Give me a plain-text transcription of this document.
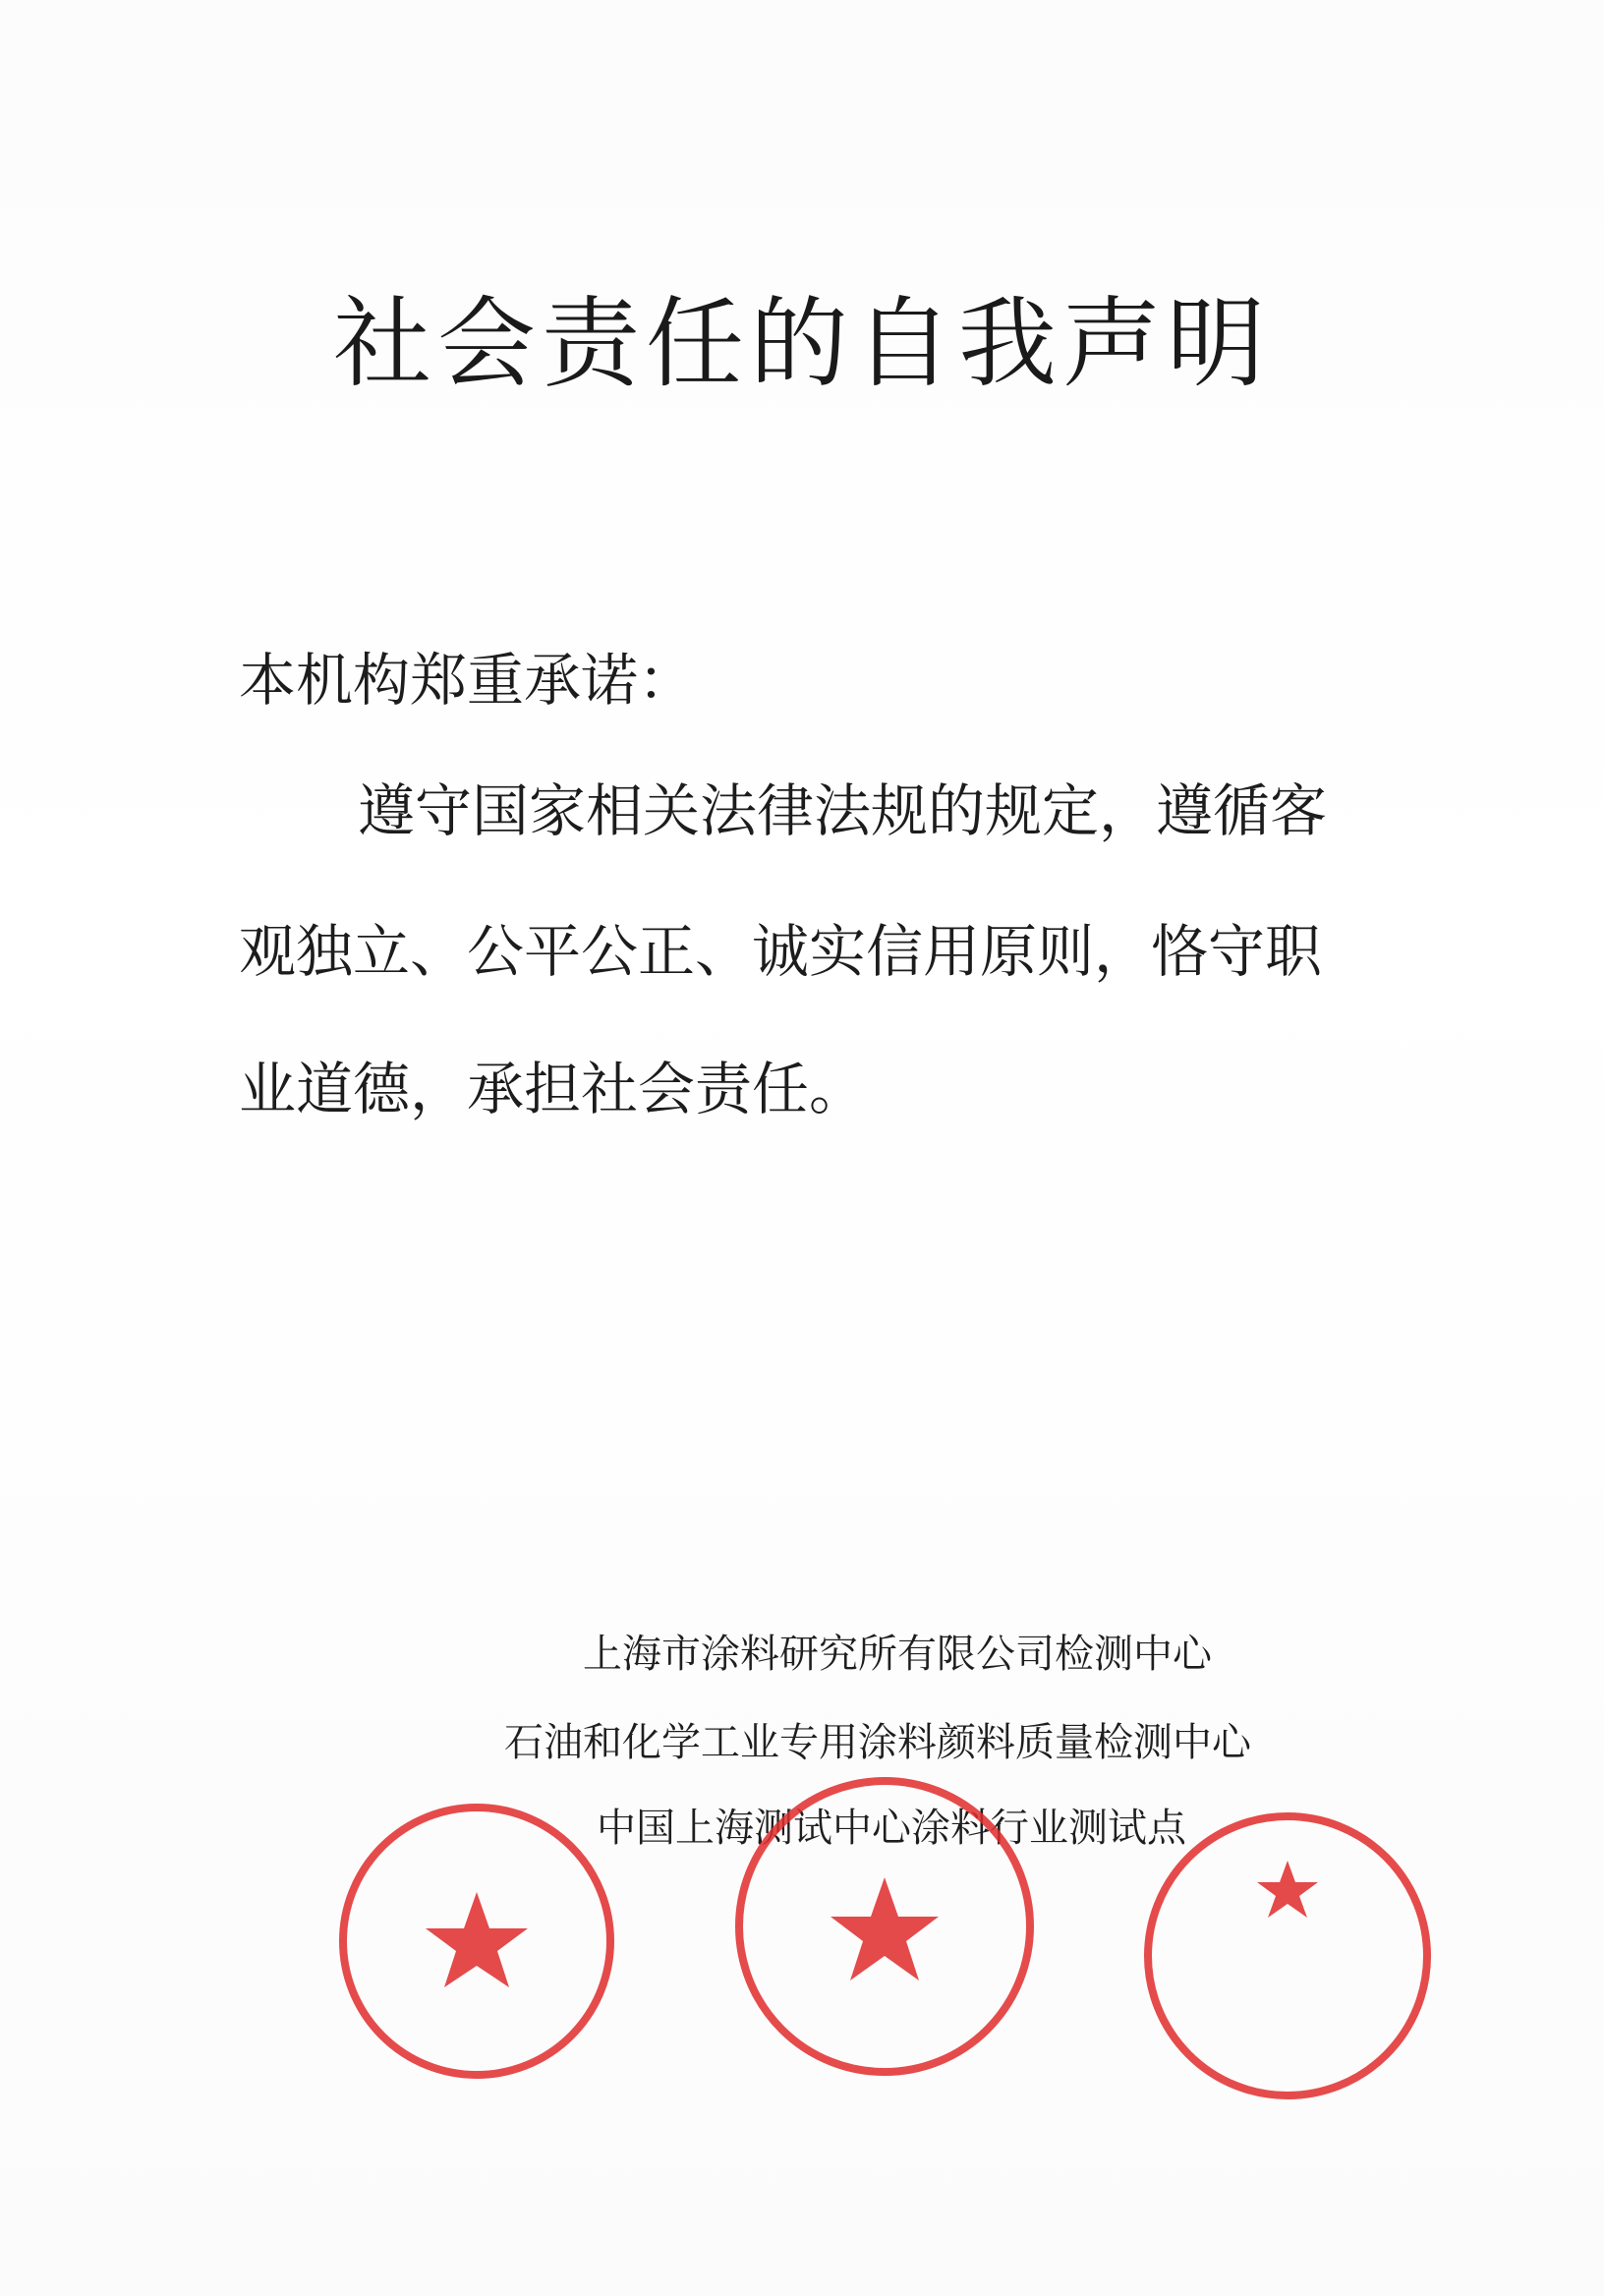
社会责任的自我声明
本机构郑重承诺：
遵守国家相关法律法规的规定，遵循客
观独立、公平公正、诚实信用原则，恪守职
业道德，承担社会责任。
上海市涂料研究所有限公司检测中心
石油和化学工业专用涂料颜料质量检测中心
中国上海测试中心涂料行业测试点
